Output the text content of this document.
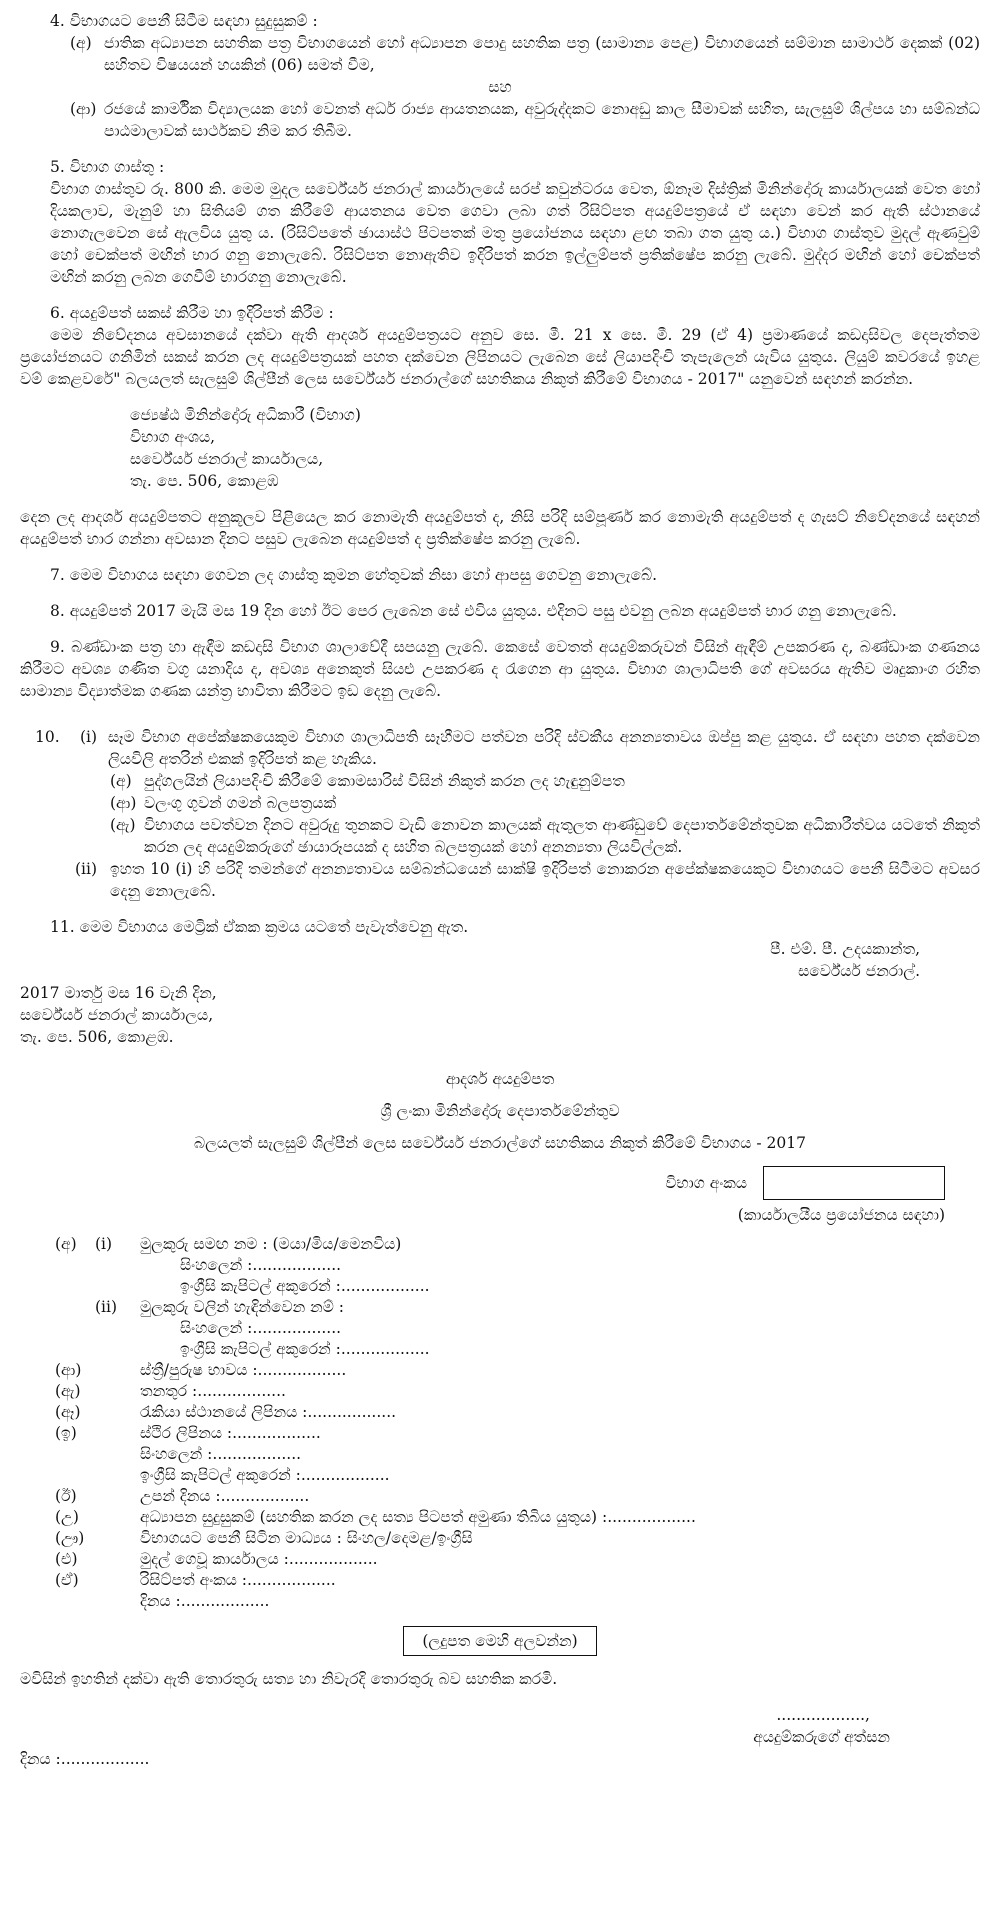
4. විභාගයට පෙනී සිටීම සඳහා සුදුසුකම් :

(අ) ජාතික අධ්‍යාපන සහතික පත්‍ර විභාගයෙන් හෝ අධ්‍යාපන පොදු සහතික පත්‍ර (සාමාන්‍ය පෙළ) විභාගයෙන් සම්මාන සාමාර්ථ දෙකක් (02) සහිතව විෂයයන් හයකින් (06) සමත් වීම,

සහ

(ආ) රජයේ කාර්මික විද්‍යාලයක හෝ වෙනත් අර්ධ රාජ්‍ය ආයතනයක, අවුරුද්දකට නොඅඩු කාල සීමාවක් සහිත, සැලසුම් ශිල්පය හා සම්බන්ධ පාඨමාලාවක් සාර්ථකව නිම කර තිබීම.

5. විභාග ගාස්තු :

විභාග ගාස්තුව රු. 800 කි. මෙම මුදල සර්වේයර් ජනරාල් කාර්යාලයේ සරප් කවුන්ටරය වෙත, ඕනෑම දිස්ත්‍රික් මිනින්දෝරු කාර්යාලයක් වෙත හෝ දියකලාව, මැනුම් හා සිතියම් ගත කිරීමේ ආයතනය වෙත ගෙවා ලබා ගත් රිසිට්පත අයදුම්පත්‍රයේ ඒ සඳහා වෙන් කර ඇති ස්ථානයේ නොගැලවෙන සේ ඇලවිය යුතු ය. (රිසිට්පතේ ඡායාස්ථ පිටපතක් මතු ප්‍රයෝජනය සඳහා ළඟ තබා ගත යුතු ය.) විභාග ගාස්තුව මුදල් ඇණවුම් හෝ චෙක්පත් මඟින් භාර ගනු නොලැබේ. රිසිට්පත නොඇතිව ඉදිරිපත් කරන ඉල්ලුම්පත් ප්‍රතික්ෂේප කරනු ලැබේ. මුද්දර මඟින් හෝ චෙක්පත් මඟින් කරනු ලබන ගෙවීම් භාරගනු නොලැබේ.

6. අයදුම්පත් සකස් කිරීම හා ඉදිරිපත් කිරීම :

මෙම නිවේදනය අවසානයේ දක්වා ඇති ආදර්ශ අයදුම්පත්‍රයට අනුව සෙ. මී. 21 x සෙ. මී. 29 (ඒ 4) ප්‍රමාණයේ කඩදාසිවල දෙපැත්තම ප්‍රයෝජනයට ගනිමින් සකස් කරන ලද අයදුම්පත්‍රයක් පහත දක්වෙන ලිපිනයට ලැබෙන සේ ලියාපදිංචි තැපැලෙන් යැවිය යුතුය. ලියුම් කවරයේ ඉහළ වම් කෙළවරේ" බලයලත් සැලසුම් ශිල්පීන් ලෙස සර්වේයර් ජනරාල්ගේ සහතිකය නිකුත් කිරීමේ විභාගය - 2017" යනුවෙන් සඳහන් කරන්න.

ජ්‍යෙෂ්ඨ මිනින්දෝරු අධිකාරී (විභාග)

විභාග අංශය,

සර්වේයර් ජනරාල් කාර්යාලය,

තැ. පෙ. 506, කොළඹ

දෙන ලද ආදර්ශ අයදුම්පතට අනුකූලව පිළියෙල කර නොමැති අයදුම්පත් ද, නිසි පරිදි සම්පූර්ණ කර නොමැති අයදුම්පත් ද ගැසට් නිවේදනයේ සඳහන් අයදුම්පත් භාර ගන්නා අවසාන දිනට පසුව ලැබෙන අයදුම්පත් ද ප්‍රතික්ෂේප කරනු ලැබේ.

7. මෙම විභාගය සඳහා ගෙවන ලද ගාස්තු කුමන හේතුවක් නිසා හෝ ආපසු ගෙවනු නොලැබේ.

8. අයදුම්පත් 2017 මැයි මස 19 දින හෝ ඊට පෙර ලැබෙන සේ එවිය යුතුය. එදිනට පසු එවනු ලබන අයදුම්පත් භාර ගනු නොලැබේ.

9. බණ්ඩාංක පත්‍ර හා ඇඳීම කඩදාසි විභාග ශාලාවේදී සපයනු ලැබේ. කෙසේ වෙතත් අයදුම්කරුවන් විසින් ඇඳීම් උපකරණ ද, බණ්ඩාංක ගණනය කිරීමට අවශ්‍ය ගණිත වගු යනාදිය ද, අවශ්‍ය අනෙකුත් සියළු උපකරණ ද රැගෙන ආ යුතුය. විභාග ශාලාධිපති ගේ අවසරය ඇතිව මෘදුකාංග රහිත සාමාන්‍ය විද්‍යාත්මක ගණක යන්ත්‍ර භාවිතා කිරීමට ඉඩ දෙනු ලැබේ.

10.	(i) සෑම විභාග අපේක්ෂකයෙකුම විභාග ශාලාධිපති සෑහීමට පත්වන පරිදි ස්වකීය අනන්‍යතාවය ඔප්පු කළ යුතුය. ඒ සඳහා පහත දක්වෙන ලියවිලි අතරින් එකක් ඉදිරිපත් කළ හැකිය.
(අ) පුද්ගලයින් ලියාපදිංචි කිරීමේ කොමසාරිස් විසින් නිකුත් කරන ලද හැඳුනුම්පත
(ආ) වලංගු ගුවන් ගමන් බලපත්‍රයක්
(ඇ) විභාගය පවත්වන දිනට අවුරුදු තුනකට වැඩි නොවන කාලයක් ඇතුලත ආණ්ඩුවේ දෙපාර්තමේන්තුවක අධිකාරීත්වය යටතේ නිකුත් කරන ලද අයදුම්කරුගේ ඡායාරූපයක් ද සහිත බලපත්‍රයක් හෝ අනන්‍යතා ලියවිල්ලක්.
(ii) ඉහත 10 (i) හි පරිදි තමන්ගේ අනන්‍යතාවය සම්බන්ධයෙන් සාක්ෂි ඉදිරිපත් නොකරන අපේක්ෂකයෙකුට විභාගයට පෙනී සිටීමට අවසර දෙනු නොලැබේ.

11. මෙම විභාගය මෙට්‍රික් ඒකක ක්‍රමය යටතේ පැවැත්වෙනු ඇත.

පී. එම්. පී. උදයකාන්ත,

සර්වේයර් ජනරාල්.

2017 මාර්තු මස 16 වැනි දින,

සර්වේයර් ජනරාල් කාර්යාලය,

තැ. පෙ. 506, කොළඹ.

ආදර්ශ අයදුම්පත

ශ්‍රී ලංකා මිනින්දෝරු දෙපාර්තමේන්තුව

බලයලත් සැලසුම් ශිල්පීන් ලෙස සර්වේයර් ජනරාල්ගේ සහතිකය නිකුත් කිරීමේ විභාගය - 2017

විභාග අංකය

(කාර්යාලයීය ප්‍රයෝජනය සඳහා)

(අ)	(i)	මුලකුරු සමඟ නම : (මයා/මිය/මෙනවිය)
සිංහලෙන් :..................
ඉංග්‍රීසි කැපිටල් අකුරෙන් :..................
(ii)	මුලකුරු වලින් හැඳින්වෙන නම් :
සිංහලෙන් :..................
ඉංග්‍රීසි කැපිටල් අකුරෙන් :..................
(ආ)	ස්ත්‍රී/පුරුෂ භාවය :..................
(ඇ)	තනතුර :..................
(ඈ)	රැකියා ස්ථානයේ ලිපිනය :..................
(ඉ)	ස්ථිර ලිපිනය :..................
සිංහලෙන් :..................
ඉංග්‍රීසි කැපිටල් අකුරෙන් :..................
(ඊ)	උපන් දිනය :..................
(උ)	අධ්‍යාපන සුදුසුකම් (සහතික කරන ලද සත්‍ය පිටපත් අමුණා තිබිය යුතුය) :..................
(ඌ)	විභාගයට පෙනී සිටින මාධ්‍යය : සිංහල/දෙමළ/ඉංග්‍රීසි
(එ)	මුදල් ගෙවූ කාර්යාලය :..................
(ඒ)	රිසිට්පත් අංකය :..................
දිනය :..................
(ලදුපත මෙහි අලවන්න)

මවිසින් ඉහතින් දක්වා ඇති තොරතුරු සත්‍ය හා නිවැරදි තොරතුරු බව සහතික කරමි.

..................,

අයදුම්කරුගේ අත්සන

දිනය :..................
